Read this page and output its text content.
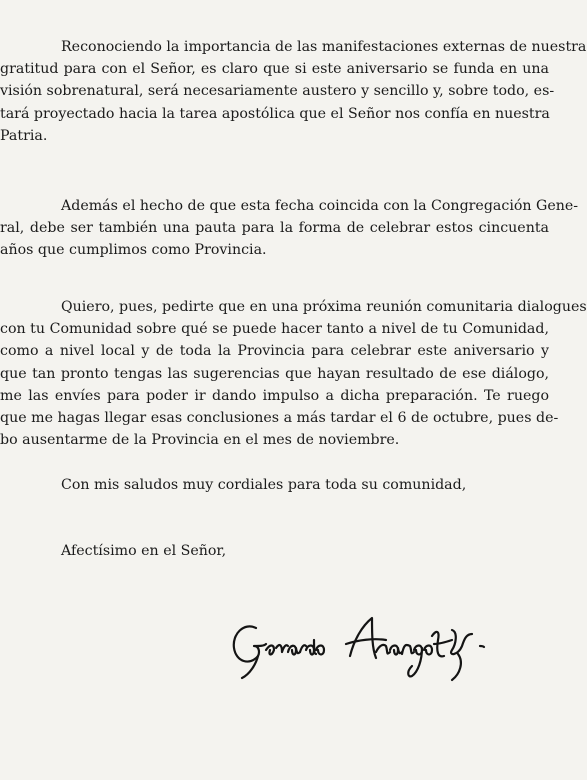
Reconociendo la importancia de las manifestaciones externas de nuestra
gratitud para con el Señor, es claro que si este aniversario se funda en una
visión sobrenatural, será necesariamente austero y sencillo y, sobre todo, es-
tará proyectado hacia la tarea apostólica que el Señor nos confía en nuestra
Patria.
Además el hecho de que esta fecha coincida con la Congregación Gene-
ral, debe ser también una pauta para la forma de celebrar estos cincuenta
años que cumplimos como Provincia.
Quiero, pues, pedirte que en una próxima reunión comunitaria dialogues
con tu Comunidad sobre qué se puede hacer tanto a nivel de tu Comunidad,
como a nivel local y de toda la Provincia para celebrar este aniversario y
que tan pronto tengas las sugerencias que hayan resultado de ese diálogo,
me las envíes para poder ir dando impulso a dicha preparación. Te ruego
que me hagas llegar esas conclusiones a más tardar el 6 de octubre, pues de-
bo ausentarme de la Provincia en el mes de noviembre.
Con mis saludos muy cordiales para toda su comunidad,
Afectísimo en el Señor,
